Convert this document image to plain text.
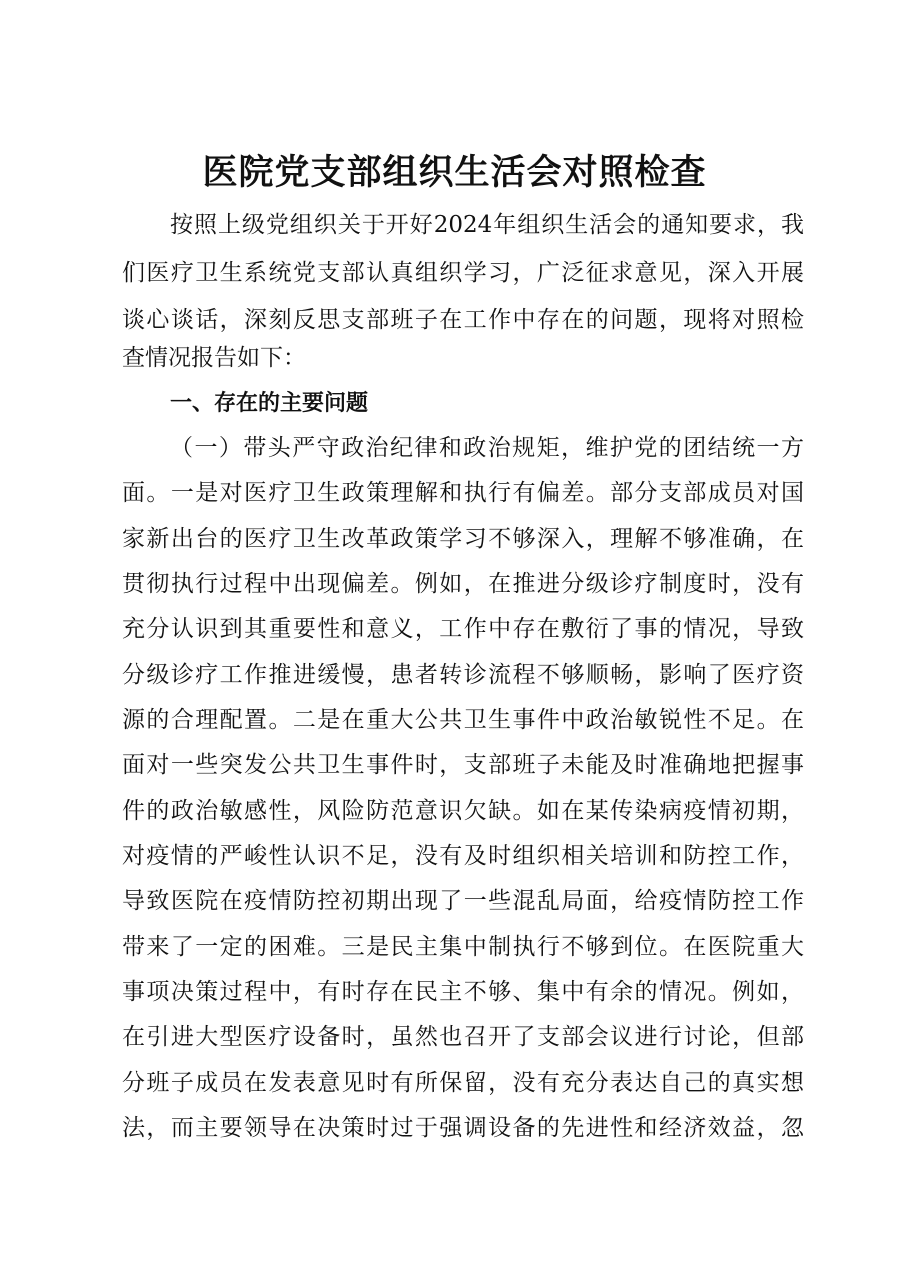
医院党支部组织生活会对照检查
按照上级党组织关于开好2024年组织生活会的通知要求，我
们医疗卫生系统党支部认真组织学习，广泛征求意见，深入开展
谈心谈话，深刻反思支部班子在工作中存在的问题，现将对照检
查情况报告如下：
一、存在的主要问题
（一）带头严守政治纪律和政治规矩，维护党的团结统一方
面。一是对医疗卫生政策理解和执行有偏差。部分支部成员对国
家新出台的医疗卫生改革政策学习不够深入，理解不够准确，在
贯彻执行过程中出现偏差。例如，在推进分级诊疗制度时，没有
充分认识到其重要性和意义，工作中存在敷衍了事的情况，导致
分级诊疗工作推进缓慢，患者转诊流程不够顺畅，影响了医疗资
源的合理配置。二是在重大公共卫生事件中政治敏锐性不足。在
面对一些突发公共卫生事件时，支部班子未能及时准确地把握事
件的政治敏感性，风险防范意识欠缺。如在某传染病疫情初期，
对疫情的严峻性认识不足，没有及时组织相关培训和防控工作，
导致医院在疫情防控初期出现了一些混乱局面，给疫情防控工作
带来了一定的困难。三是民主集中制执行不够到位。在医院重大
事项决策过程中，有时存在民主不够、集中有余的情况。例如，
在引进大型医疗设备时，虽然也召开了支部会议进行讨论，但部
分班子成员在发表意见时有所保留，没有充分表达自己的真实想
法，而主要领导在决策时过于强调设备的先进性和经济效益，忽
